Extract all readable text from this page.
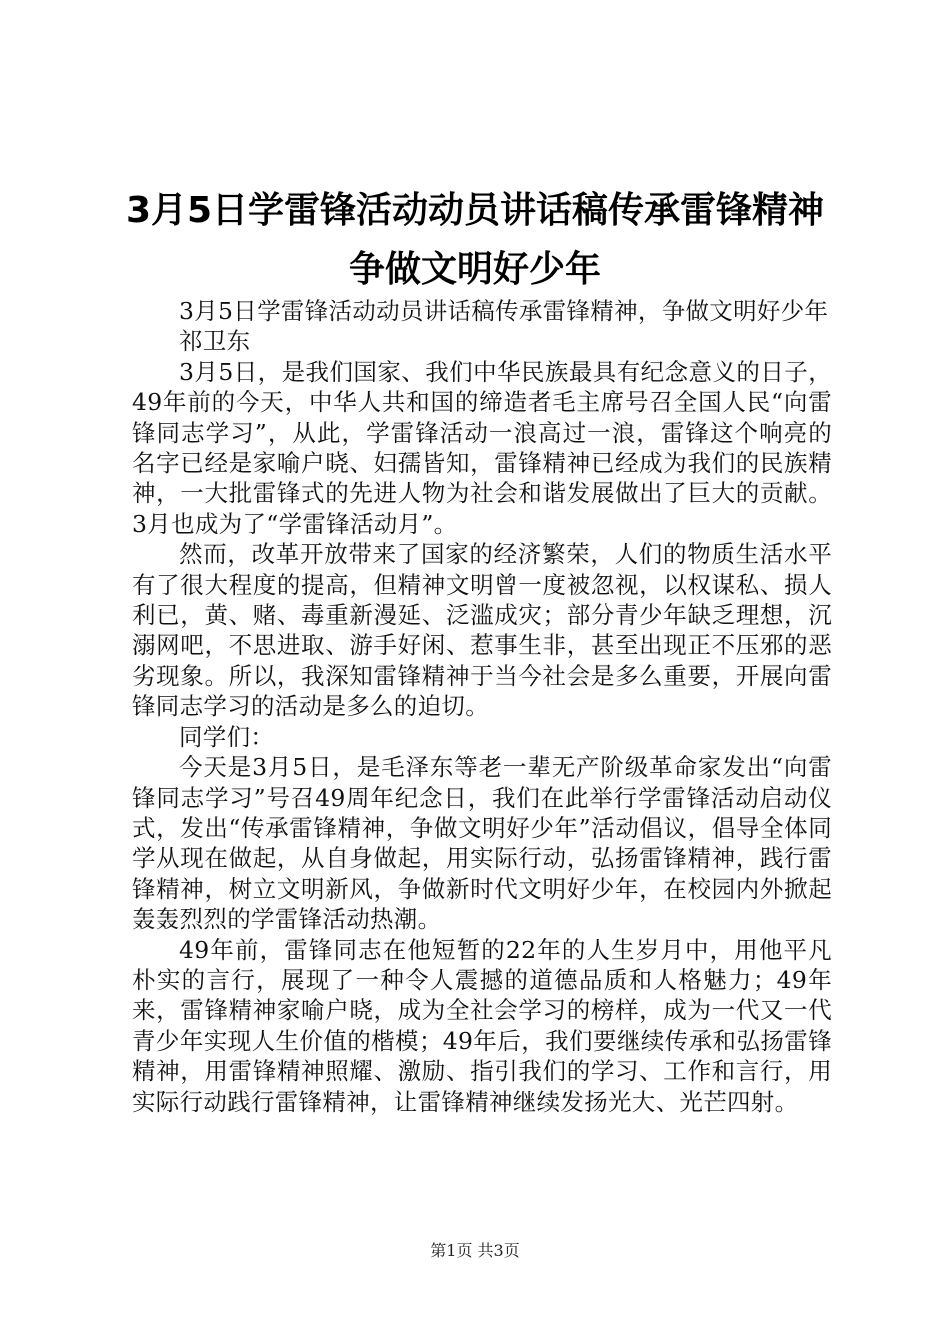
3月5日学雷锋活动动员讲话稿传承雷锋精神
争做文明好少年

3月5日学雷锋活动动员讲话稿传承雷锋精神，争做文明好少年

祁卫东

3月5日，是我们国家、我们中华民族最具有纪念意义的日子，49年前的今天，中华人共和国的缔造者毛主席号召全国人民“向雷锋同志学习”，从此，学雷锋活动一浪高过一浪，雷锋这个响亮的名字已经是家喻户晓、妇孺皆知，雷锋精神已经成为我们的民族精神，一大批雷锋式的先进人物为社会和谐发展做出了巨大的贡献。3月也成为了“学雷锋活动月”。

然而，改革开放带来了国家的经济繁荣，人们的物质生活水平有了很大程度的提高，但精神文明曾一度被忽视，以权谋私、损人利已，黄、赌、毒重新漫延、泛滥成灾；部分青少年缺乏理想，沉溺网吧，不思进取、游手好闲、惹事生非，甚至出现正不压邪的恶劣现象。所以，我深知雷锋精神于当今社会是多么重要，开展向雷锋同志学习的活动是多么的迫切。

同学们：

今天是3月5日，是毛泽东等老一辈无产阶级革命家发出“向雷锋同志学习”号召49周年纪念日，我们在此举行学雷锋活动启动仪式，发出“传承雷锋精神，争做文明好少年”活动倡议，倡导全体同学从现在做起，从自身做起，用实际行动，弘扬雷锋精神，践行雷锋精神，树立文明新风，争做新时代文明好少年，在校园内外掀起轰轰烈烈的学雷锋活动热潮。

49年前，雷锋同志在他短暂的22年的人生岁月中，用他平凡朴实的言行，展现了一种令人震撼的道德品质和人格魅力；49年来，雷锋精神家喻户晓，成为全社会学习的榜样，成为一代又一代青少年实现人生价值的楷模；49年后，我们要继续传承和弘扬雷锋精神，用雷锋精神照耀、激励、指引我们的学习、工作和言行，用实际行动践行雷锋精神，让雷锋精神继续发扬光大、光芒四射。

第1页 共3页
